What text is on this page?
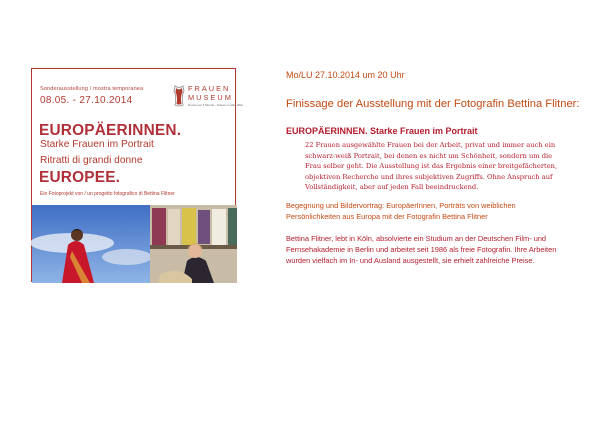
Sonderausstellung / mostra temporanea
08.05. - 27.10.2014
FRAUEN
MUSEUM
Donne per il Mondo · Frauen in aller Welt
EUROPÄERINNEN.
Starke Frauen im Portrait
Ritratti di grandi donne
EUROPEE.
Ein Fotoprojekt von / un progetto fotografico di Bettina Flitner
Mo/LU 27.10.2014 um 20 Uhr
Finissage der Ausstellung mit der Fotografin Bettina Flitner:
EUROPÄERINNEN. Starke Frauen im Portrait
22 Frauen ausgewählte Frauen bei der Arbeit, privat und immer auch ein schwarz-weiß Portrait, bei denen es nicht um Schönheit, sondern um die Frau selber geht. Die Ausstellung ist das Ergebnis einer breitgefächerten, objektiven Recherche und ihres subjektiven Zugriffs. Ohne Anspruch auf Vollständigkeit, aber auf jeden Fall beeindruckend.
Begegnung und Bildervortrag: EuropäerInnen, Porträts von weiblichen Persönlichkeiten aus Europa mit der Fotografin Bettina Flitner
Bettina Flitner, lebt in Köln, absolvierte ein Studium an der Deutschen Film- und Fernsehakademie in Berlin und arbeitet seit 1986 als freie Fotografin. Ihre Arbeiten wurden vielfach im In- und Ausland ausgestellt, sie erhielt zahlreiche Preise.
